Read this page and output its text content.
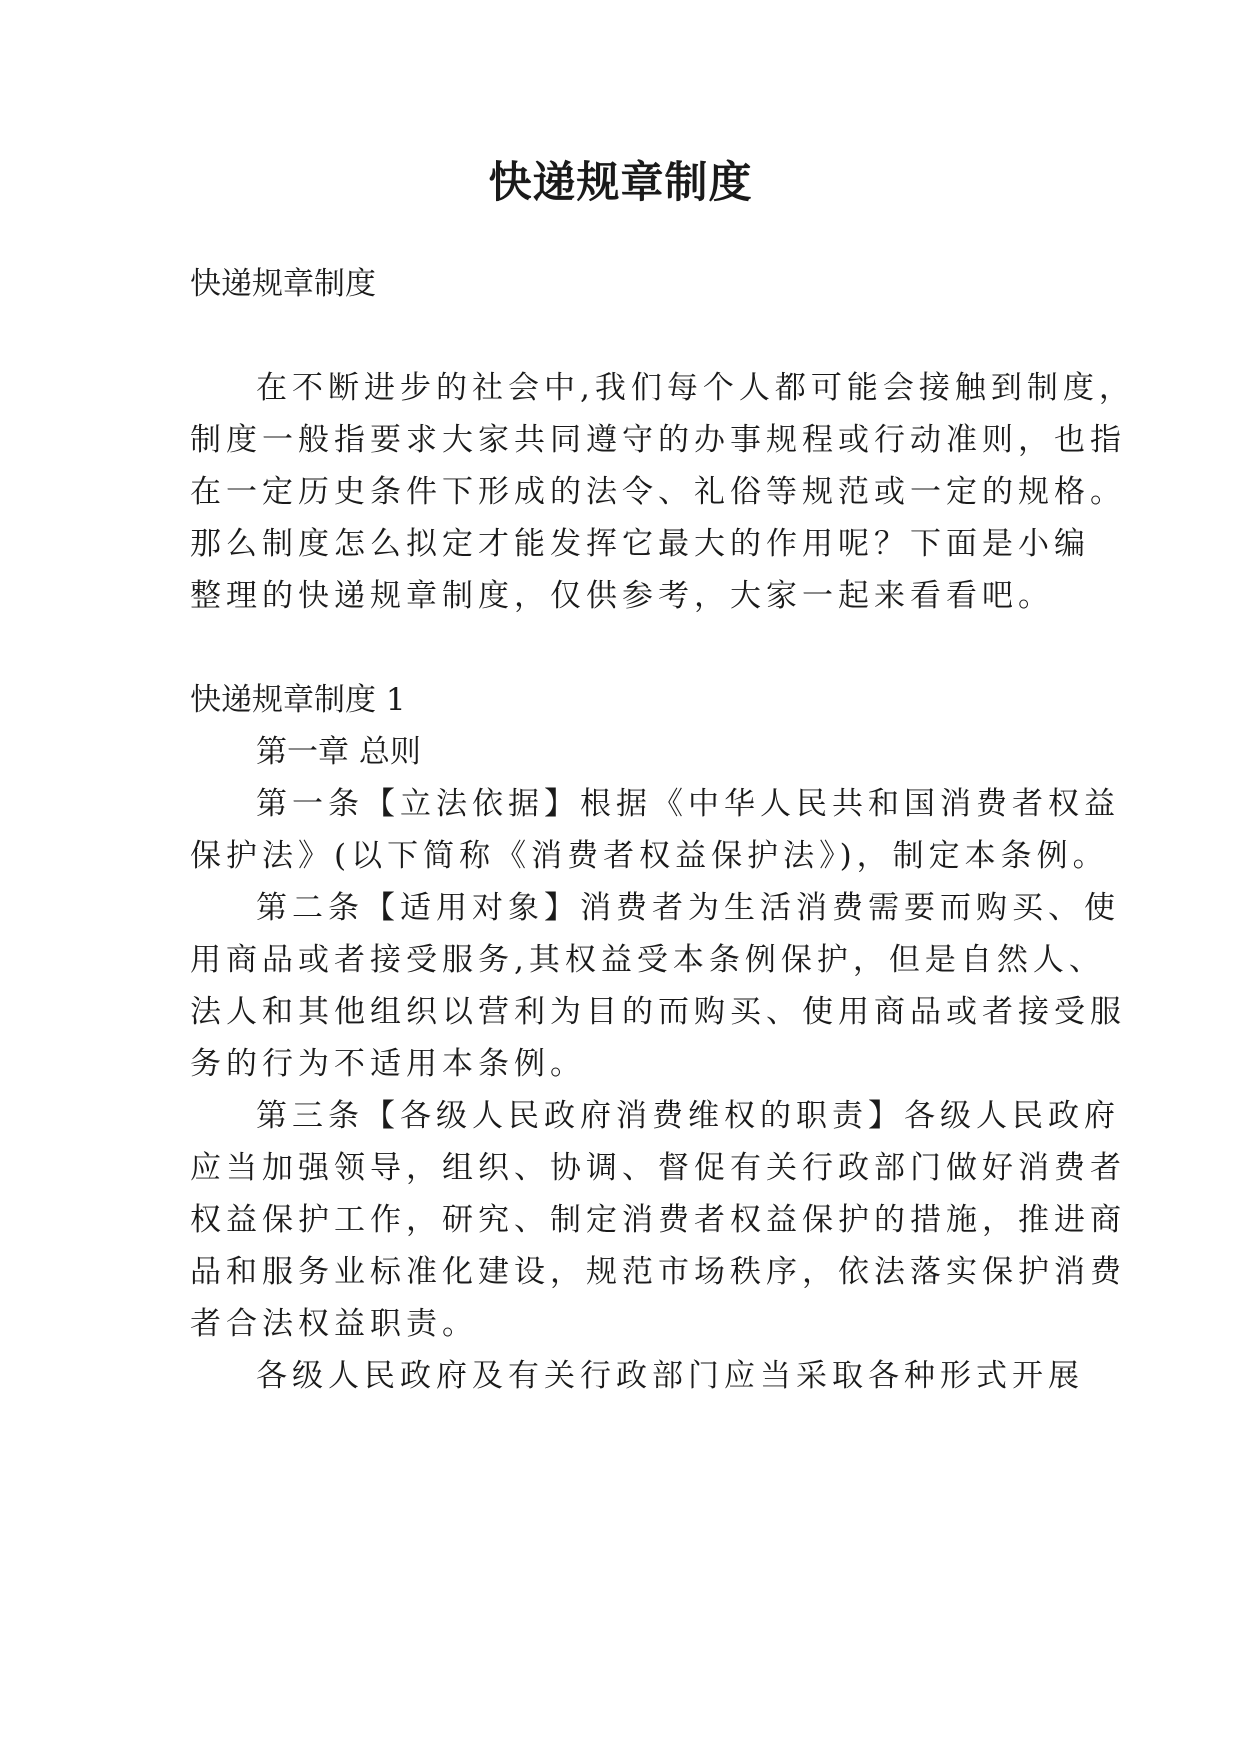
快递规章制度
快递规章制度
在不断进步的社会中,我们每个人都可能会接触到制度，
制度一般指要求大家共同遵守的办事规程或行动准则，也指
在一定历史条件下形成的法令、礼俗等规范或一定的规格。
那么制度怎么拟定才能发挥它最大的作用呢？下面是小编
整理的快递规章制度，仅供参考，大家一起来看看吧。
快递规章制度 1
第一章 总则
第一条【立法依据】根据《中华人民共和国消费者权益
保护法》(以下简称《消费者权益保护法》)，制定本条例。
第二条【适用对象】消费者为生活消费需要而购买、使
用商品或者接受服务,其权益受本条例保护，但是自然人、
法人和其他组织以营利为目的而购买、使用商品或者接受服
务的行为不适用本条例。
第三条【各级人民政府消费维权的职责】各级人民政府
应当加强领导，组织、协调、督促有关行政部门做好消费者
权益保护工作，研究、制定消费者权益保护的措施，推进商
品和服务业标准化建设，规范市场秩序，依法落实保护消费
者合法权益职责。
各级人民政府及有关行政部门应当采取各种形式开展
